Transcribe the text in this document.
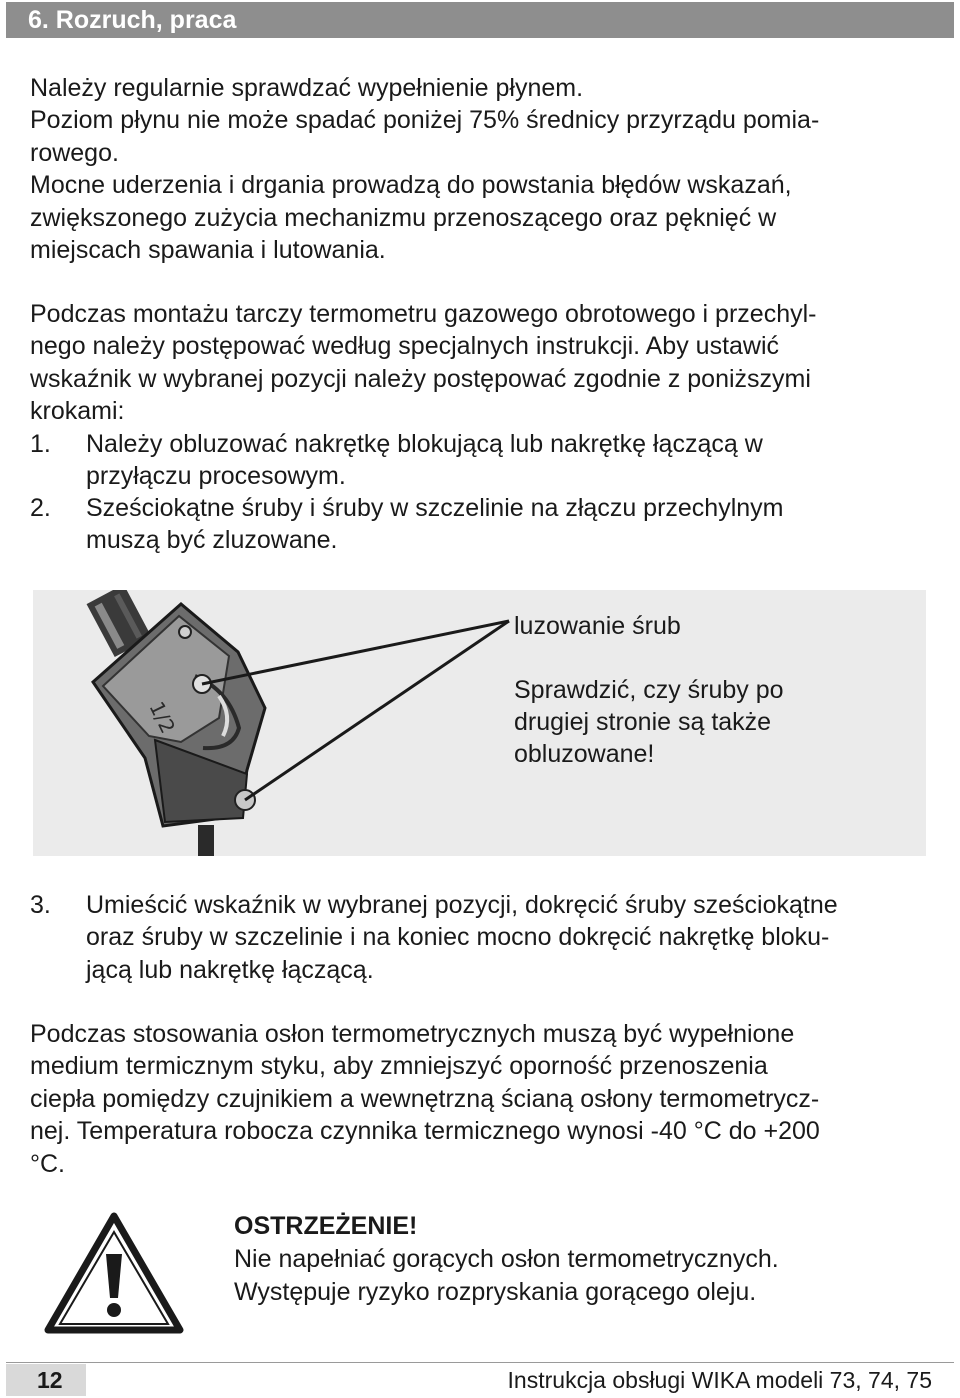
6. Rozruch, praca

Należy regularnie sprawdzać wypełnienie płynem.
Poziom płynu nie może spadać poniżej 75% średnicy przyrządu pomia-
rowego.
Mocne uderzenia i drgania prowadzą do powstania błędów wskazań,
zwiększonego zużycia mechanizmu przenoszącego oraz pęknięć w
miejscach spawania i lutowania.

Podczas montażu tarczy termometru gazowego obrotowego i przechyl-
nego należy postępować według specjalnych instrukcji. Aby ustawić
wskaźnik w wybranej pozycji należy postępować zgodnie z poniższymi
krokami:

1.	Należy obluzować nakrętkę blokującą lub nakrętkę łączącą w
przyłączu procesowym.
2.	Sześciokątne śruby i śruby w szczelinie na złączu przechylnym
muszą być zluzowane.
1/2
luzowanie śrub
Sprawdzić, czy śruby po
drugiej stronie są także
obluzowane!
3.	Umieścić wskaźnik w wybranej pozycji, dokręcić śruby sześciokątne
oraz śruby w szczelinie i na koniec mocno dokręcić nakrętkę bloku-
jącą lub nakrętkę łączącą.

Podczas stosowania osłon termometrycznych muszą być wypełnione
medium termicznym styku, aby zmniejszyć oporność przenoszenia
ciepła pomiędzy czujnikiem a wewnętrzną ścianą osłony termometrycz-
nej. Temperatura robocza czynnika termicznego wynosi -40 °C do +200
°C.

OSTRZEŻENIE!
Nie napełniać gorących osłon termometrycznych.
Występuje ryzyko rozpryskania gorącego oleju.
12	Instrukcja obsługi WIKA modeli 73, 74, 75
